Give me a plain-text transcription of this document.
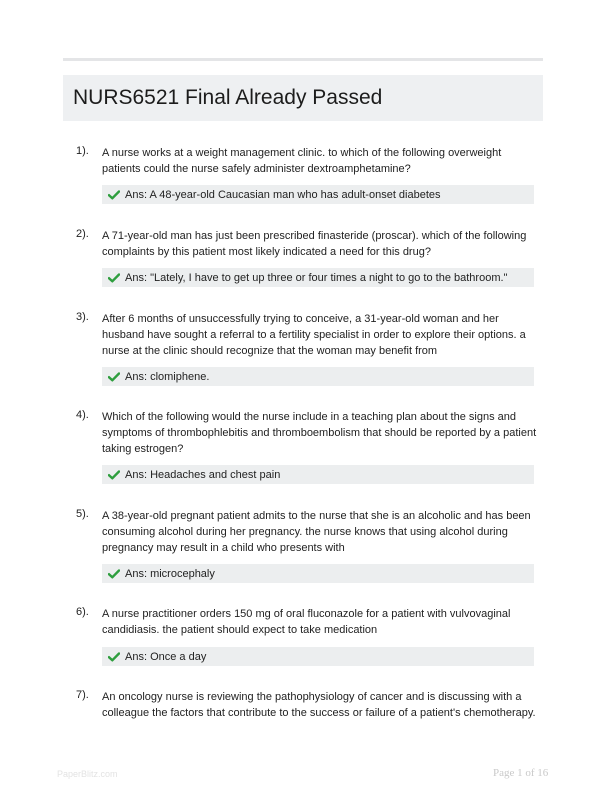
NURS6521 Final Already Passed
1). A nurse works at a weight management clinic. to which of the following overweight patients could the nurse safely administer dextroamphetamine?
Ans: A 48-year-old Caucasian man who has adult-onset diabetes
2). A 71-year-old man has just been prescribed finasteride (proscar). which of the following complaints by this patient most likely indicated a need for this drug?
Ans: "Lately, I have to get up three or four times a night to go to the bathroom."
3). After 6 months of unsuccessfully trying to conceive, a 31-year-old woman and her husband have sought a referral to a fertility specialist in order to explore their options. a nurse at the clinic should recognize that the woman may benefit from
Ans: clomiphene.
4). Which of the following would the nurse include in a teaching plan about the signs and symptoms of thrombophlebitis and thromboembolism that should be reported by a patient taking estrogen?
Ans: Headaches and chest pain
5). A 38-year-old pregnant patient admits to the nurse that she is an alcoholic and has been consuming alcohol during her pregnancy. the nurse knows that using alcohol during pregnancy may result in a child who presents with
Ans: microcephaly
6). A nurse practitioner orders 150 mg of oral fluconazole for a patient with vulvovaginal candidiasis. the patient should expect to take medication
Ans: Once a day
7). An oncology nurse is reviewing the pathophysiology of cancer and is discussing with a colleague the factors that contribute to the success or failure of a patient's chemotherapy.
PaperBlitz.com	Page 1 of 16
